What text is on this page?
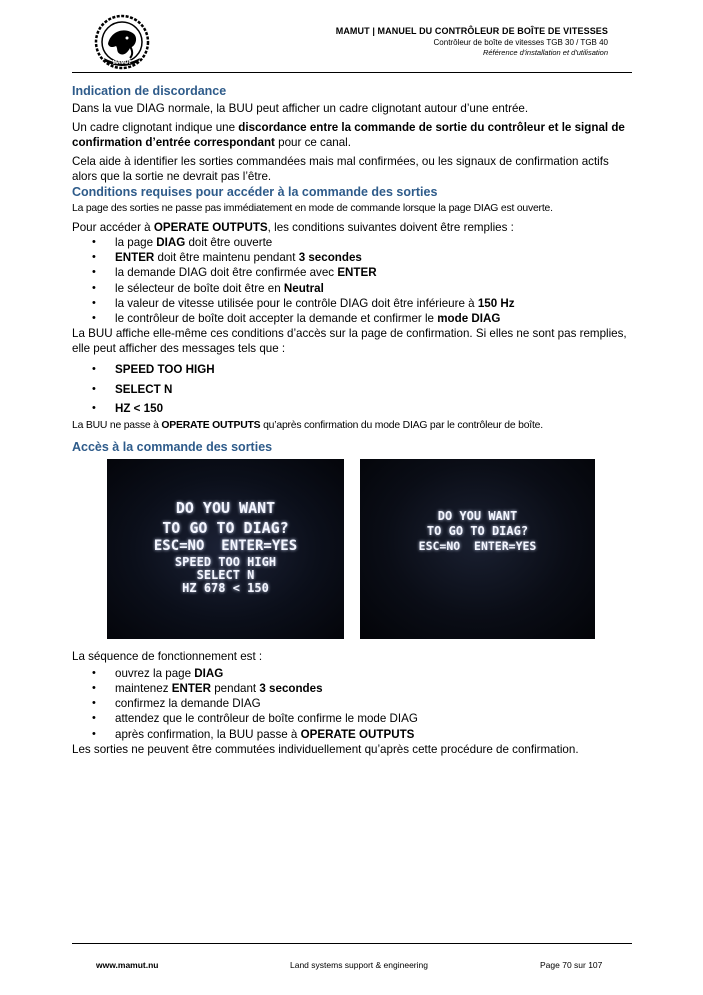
MAMUT
MAMUT | MANUEL DU CONTRÔLEUR DE BOÎTE DE VITESSES
Contrôleur de boîte de vitesses TGB 30 / TGB 40
Référence d'installation et d'utilisation
Indication de discordance
Dans la vue DIAG normale, la BUU peut afficher un cadre clignotant autour d’une entrée.
Un cadre clignotant indique une discordance entre la commande de sortie du contrôleur et le signal de confirmation d’entrée correspondant pour ce canal.
Cela aide à identifier les sorties commandées mais mal confirmées, ou les signaux de confirmation actifs alors que la sortie ne devrait pas l’être.
Conditions requises pour accéder à la commande des sorties
La page des sorties ne passe pas immédiatement en mode de commande lorsque la page DIAG est ouverte.
Pour accéder à OPERATE OUTPUTS, les conditions suivantes doivent être remplies :
• la page DIAG doit être ouverte
• ENTER doit être maintenu pendant 3 secondes
• la demande DIAG doit être confirmée avec ENTER
• le sélecteur de boîte doit être en Neutral
• la valeur de vitesse utilisée pour le contrôle DIAG doit être inférieure à 150 Hz
• le contrôleur de boîte doit accepter la demande et confirmer le mode DIAG
La BUU affiche elle-même ces conditions d’accès sur la page de confirmation. Si elles ne sont pas remplies, elle peut afficher des messages tels que :
• SPEED TOO HIGH
• SELECT N
• HZ < 150
La BUU ne passe à OPERATE OUTPUTS qu’après confirmation du mode DIAG par le contrôleur de boîte.
Accès à la commande des sorties
DO YOU WANT
TO GO TO DIAG?
ESC=NO  ENTER=YES
SPEED TOO HIGH
SELECT N
HZ 678 < 150
DO YOU WANT
TO GO TO DIAG?
ESC=NO  ENTER=YES
La séquence de fonctionnement est :
• ouvrez la page DIAG
• maintenez ENTER pendant 3 secondes
• confirmez la demande DIAG
• attendez que le contrôleur de boîte confirme le mode DIAG
• après confirmation, la BUU passe à OPERATE OUTPUTS
Les sorties ne peuvent être commutées individuellement qu’après cette procédure de confirmation.
www.mamut.nu	Land systems support & engineering	Page 70 sur 107
